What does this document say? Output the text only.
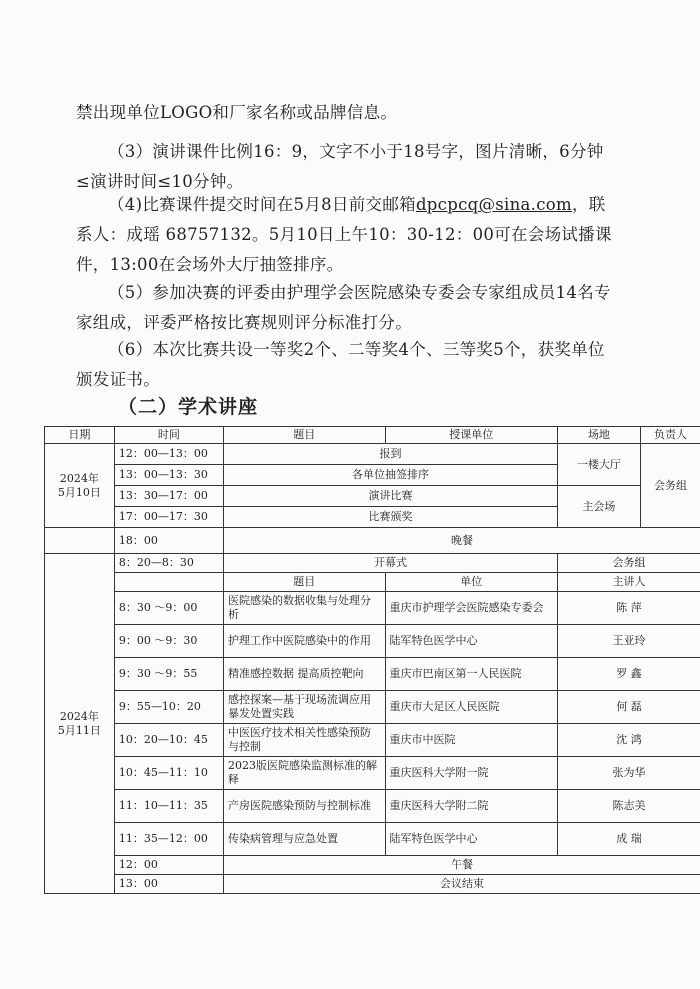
禁出现单位LOGO和厂家名称或品牌信息。
（3）演讲课件比例16：9，文字不小于18号字，图片清晰，6分钟≤演讲时间≤10分钟。
（4)比赛课件提交时间在5月8日前交邮箱dpcpcq@sina.com，联系人：成瑶 68757132。5月10日上午10：30-12：00可在会场试播课件，13:00在会场外大厅抽签排序。
（5）参加决赛的评委由护理学会医院感染专委会专家组成员14名专家组成，评委严格按比赛规则评分标准打分。
（6）本次比赛共设一等奖2个、二等奖4个、三等奖5个，获奖单位颁发证书。
（二）学术讲座
日期	时间	题目	授课单位	场地	负责人
2024年
5月10日	12：00—13：00	报到		一楼大厅	会务组
	13：00—13：30	各单位抽签排序			
	13：30—17：00	演讲比赛		主会场	
	17：00—17：30	比赛颁奖			
	18：00	晚餐			
2024年
5月11日	8：20—8：30	开幕式		会务组	
		题目	单位	主讲人	
	8：30 ～9：00	医院感染的数据收集与处理分析	重庆市护理学会医院感染专委会	陈 萍	
	9：00 ～9：30	护理工作中医院感染中的作用	陆军特色医学中心	王亚玲	
	9：30 ～9：55	精准感控数据 提高质控靶向	重庆市巴南区第一人民医院	罗 鑫	
	9：55—10：20	感控探案—基于现场流调应用暴发处置实践	重庆市大足区人民医院	何 磊	
	10：20—10：45	中医医疗技术相关性感染预防与控制	重庆市中医院	沈 鸿	
	10：45—11：10	2023版医院感染监测标准的解释	重庆医科大学附一院	张为华	
	11：10—11：35	产房医院感染预防与控制标准	重庆医科大学附二院	陈志美	
	11：35—12：00	传染病管理与应急处置	陆军特色医学中心	成 瑞	
	12：00	午餐			
	13：00	会议结束			
